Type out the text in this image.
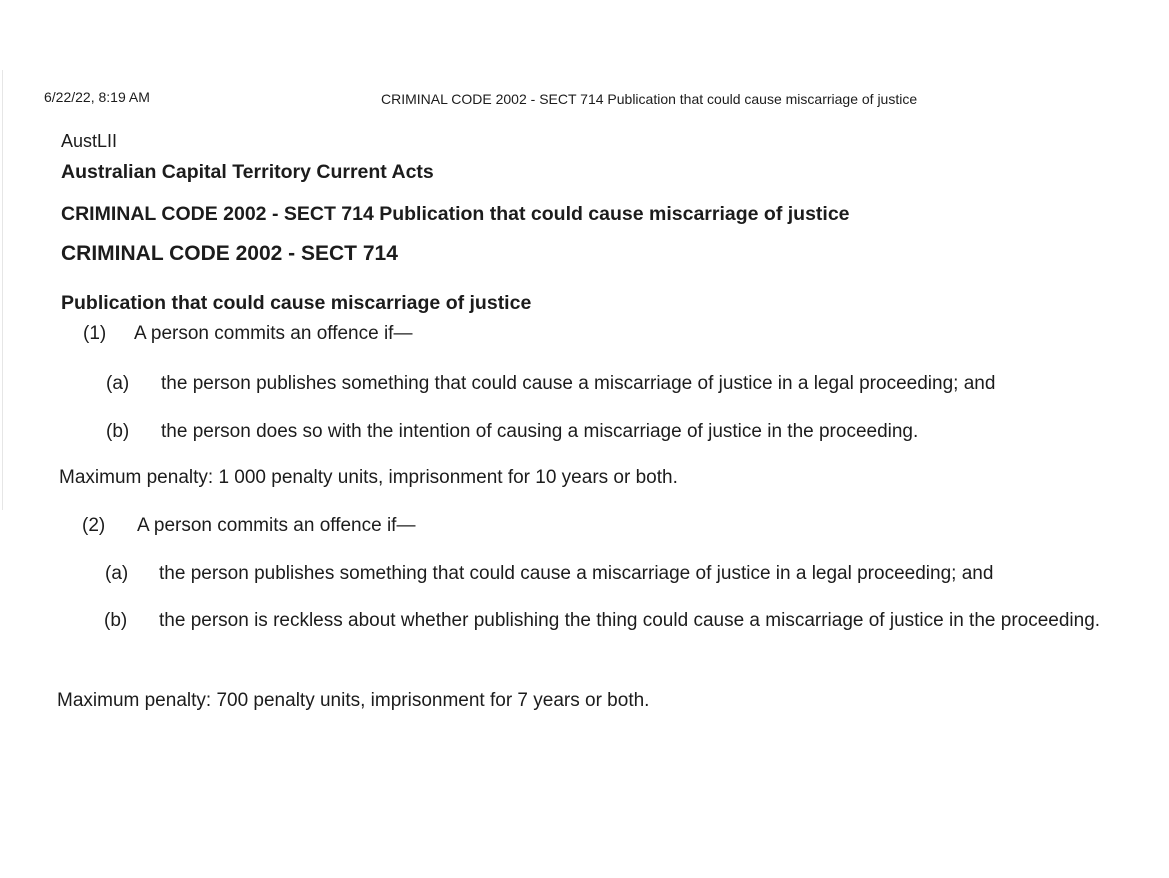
6/22/22, 8:19 AM	CRIMINAL CODE 2002 - SECT 714 Publication that could cause miscarriage of justice
AustLII
Australian Capital Territory Current Acts
CRIMINAL CODE 2002 - SECT 714 Publication that could cause miscarriage of justice
CRIMINAL CODE 2002 - SECT 714
Publication that could cause miscarriage of justice
(1) A person commits an offence if—
(a) the person publishes something that could cause a miscarriage of justice in a legal proceeding; and
(b) the person does so with the intention of causing a miscarriage of justice in the proceeding.
Maximum penalty: 1 000 penalty units, imprisonment for 10 years or both.
(2) A person commits an offence if—
(a) the person publishes something that could cause a miscarriage of justice in a legal proceeding; and
(b) the person is reckless about whether publishing the thing could cause a miscarriage of justice in the proceeding.
Maximum penalty: 700 penalty units, imprisonment for 7 years or both.
